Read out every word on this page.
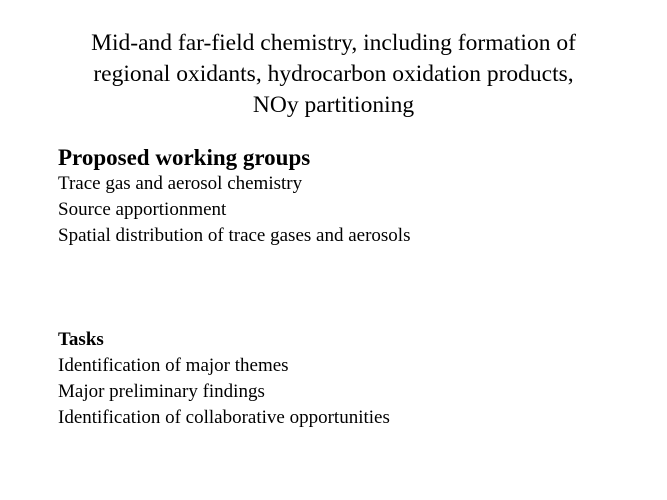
Mid-and far-field chemistry, including formation of
regional oxidants, hydrocarbon oxidation products,
NOy partitioning
Proposed working groups
Trace gas and aerosol chemistry
Source apportionment
Spatial distribution of trace gases and aerosols
Tasks
Identification of major themes
Major preliminary findings
Identification of collaborative opportunities
